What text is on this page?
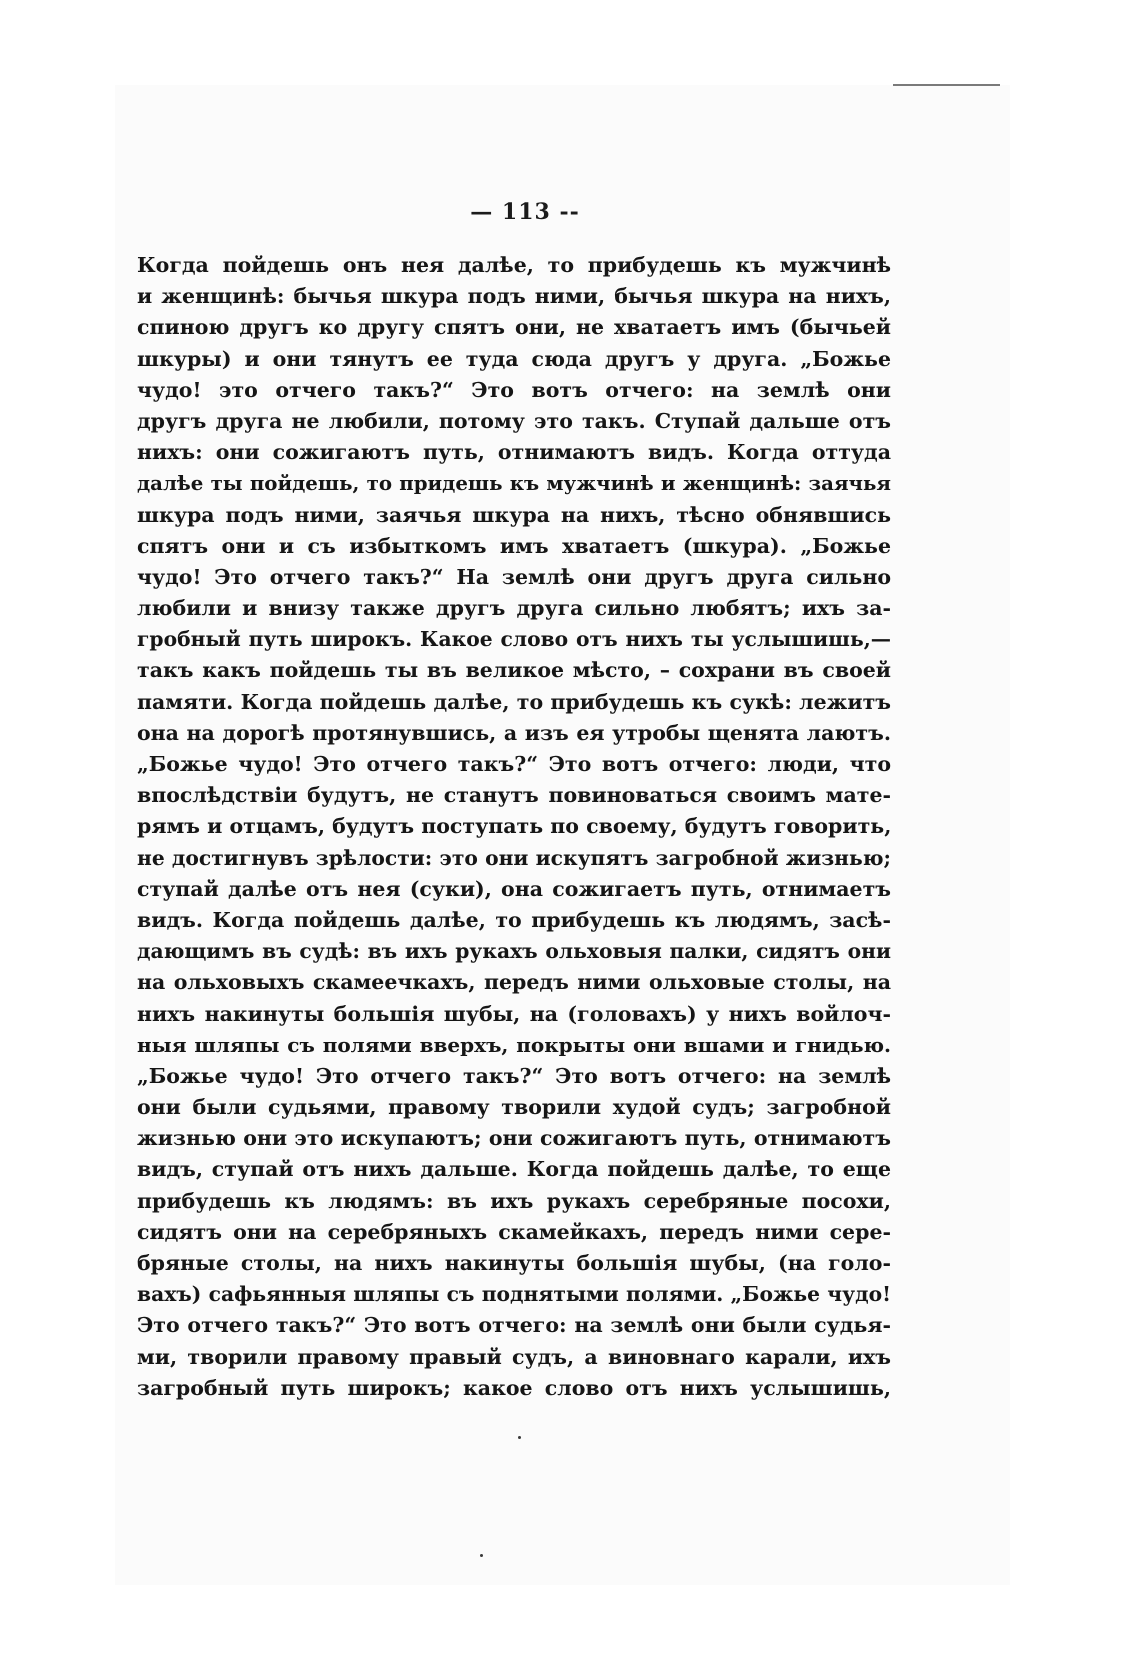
— 113 --
Когда пойдешь онъ нея далѣе, то прибудешь къ мужчинѣ
и женщинѣ: бычья шкура подъ ними, бычья шкура на нихъ,
спиною другъ ко другу спятъ они, не хватаетъ имъ (бычьей
шкуры) и они тянутъ ее туда сюда другъ у друга. „Божье
чудо! это отчего такъ?“ Это вотъ отчего: на землѣ они
другъ друга не любили, потому это такъ. Ступай дальше отъ
нихъ: они сожигаютъ путь, отнимаютъ видъ. Когда оттуда
далѣе ты пойдешь, то придешь къ мужчинѣ и женщинѣ: заячья
шкура подъ ними, заячья шкура на нихъ, тѣсно обнявшись
спятъ они и съ избыткомъ имъ хватаетъ (шкура). „Божье
чудо! Это отчего такъ?“ На землѣ они другъ друга сильно
любили и внизу также другъ друга сильно любятъ; ихъ за-
гробный путь широкъ. Какое слово отъ нихъ ты услышишь,—
такъ какъ пойдешь ты въ великое мѣсто, – сохрани въ своей
памяти. Когда пойдешь далѣе, то прибудешь къ сукѣ: лежитъ
она на дорогѣ протянувшись, а изъ ея утробы щенята лаютъ.
„Божье чудо! Это отчего такъ?“ Это вотъ отчего: люди, что
впослѣдствіи будутъ, не станутъ повиноваться своимъ мате-
рямъ и отцамъ, будутъ поступать по своему, будутъ говорить,
не достигнувъ зрѣлости: это они искупятъ загробной жизнью;
ступай далѣе отъ нея (суки), она сожигаетъ путь, отнимаетъ
видъ. Когда пойдешь далѣе, то прибудешь къ людямъ, засѣ-
дающимъ въ судѣ: въ ихъ рукахъ ольховыя палки, сидятъ они
на ольховыхъ скамеечкахъ, передъ ними ольховые столы, на
нихъ накинуты большія шубы, на (головахъ) у нихъ войлоч-
ныя шляпы съ полями вверхъ, покрыты они вшами и гнидью.
„Божье чудо! Это отчего такъ?“ Это вотъ отчего: на землѣ
они были судьями, правому творили худой судъ; загробной
жизнью они это искупаютъ; они сожигаютъ путь, отнимаютъ
видъ, ступай отъ нихъ дальше. Когда пойдешь далѣе, то еще
прибудешь къ людямъ: въ ихъ рукахъ серебряные посохи,
сидятъ они на серебряныхъ скамейкахъ, передъ ними сере-
бряные столы, на нихъ накинуты большія шубы, (на голо-
вахъ) сафьянныя шляпы съ поднятыми полями. „Божье чудо!
Это отчего такъ?“ Это вотъ отчего: на землѣ они были судья-
ми, творили правому правый судъ, а виновнаго карали, ихъ
загробный путь широкъ; какое слово отъ нихъ услышишь,
